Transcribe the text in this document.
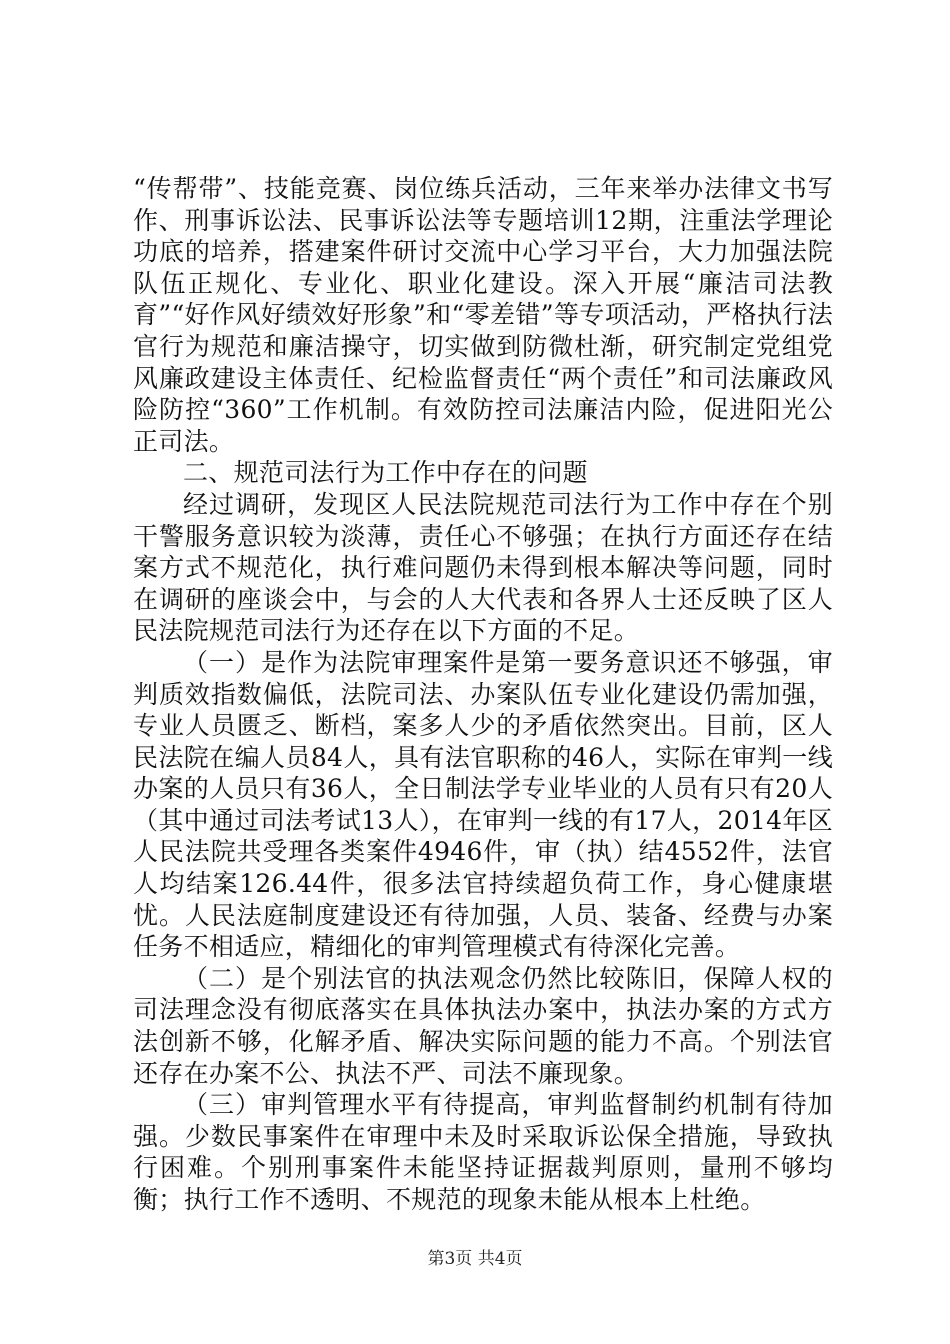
“传帮带”、技能竞赛、岗位练兵活动，三年来举办法律文书写作、刑事诉讼法、民事诉讼法等专题培训12期，注重法学理论功底的培养，搭建案件研讨交流中心学习平台，大力加强法院队伍正规化、专业化、职业化建设。深入开展“廉洁司法教育”“好作风好绩效好形象”和“零差错”等专项活动，严格执行法官行为规范和廉洁操守，切实做到防微杜渐，研究制定党组党风廉政建设主体责任、纪检监督责任“两个责任”和司法廉政风险防控“360”工作机制。有效防控司法廉洁内险，促进阳光公正司法。

二、规范司法行为工作中存在的问题

经过调研，发现区人民法院规范司法行为工作中存在个别干警服务意识较为淡薄，责任心不够强；在执行方面还存在结案方式不规范化，执行难问题仍未得到根本解决等问题，同时在调研的座谈会中，与会的人大代表和各界人士还反映了区人民法院规范司法行为还存在以下方面的不足。

（一）是作为法院审理案件是第一要务意识还不够强，审判质效指数偏低，法院司法、办案队伍专业化建设仍需加强，专业人员匮乏、断档，案多人少的矛盾依然突出。目前，区人民法院在编人员84人，具有法官职称的46人，实际在审判一线办案的人员只有36人，全日制法学专业毕业的人员有只有20人（其中通过司法考试13人），在审判一线的有17人，2014年区人民法院共受理各类案件4946件，审（执）结4552件，法官人均结案126.44件，很多法官持续超负荷工作，身心健康堪忧。人民法庭制度建设还有待加强，人员、装备、经费与办案任务不相适应，精细化的审判管理模式有待深化完善。

（二）是个别法官的执法观念仍然比较陈旧，保障人权的司法理念没有彻底落实在具体执法办案中，执法办案的方式方法创新不够，化解矛盾、解决实际问题的能力不高。个别法官还存在办案不公、执法不严、司法不廉现象。

（三）审判管理水平有待提高，审判监督制约机制有待加强。少数民事案件在审理中未及时采取诉讼保全措施，导致执行困难。个别刑事案件未能坚持证据裁判原则，量刑不够均衡；执行工作不透明、不规范的现象未能从根本上杜绝。

第3页 共4页
